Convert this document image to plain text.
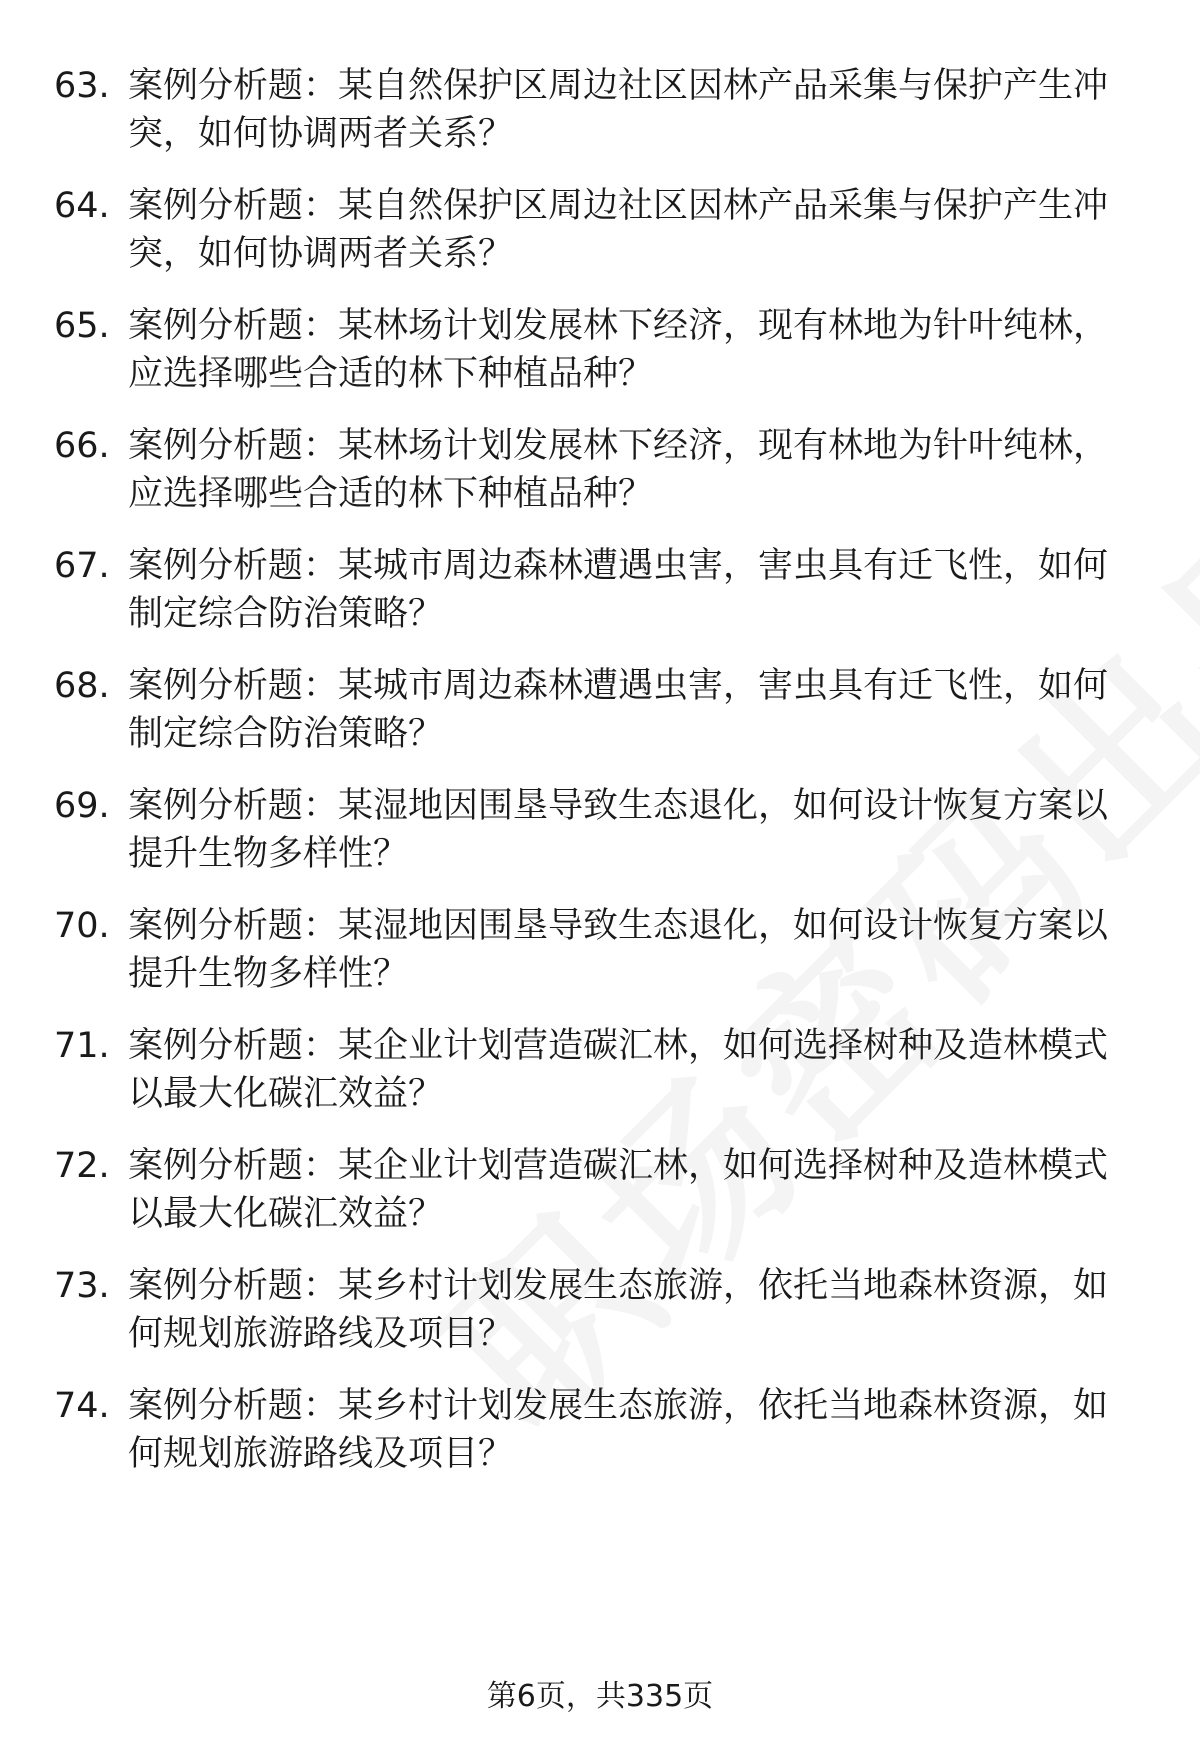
63. 案例分析题：某自然保护区周边社区因林产品采集与保护产生冲
突，如何协调两者关系？
64. 案例分析题：某自然保护区周边社区因林产品采集与保护产生冲
突，如何协调两者关系？
65. 案例分析题：某林场计划发展林下经济，现有林地为针叶纯林，
应选择哪些合适的林下种植品种？
66. 案例分析题：某林场计划发展林下经济，现有林地为针叶纯林，
应选择哪些合适的林下种植品种？
67. 案例分析题：某城市周边森林遭遇虫害，害虫具有迁飞性，如何
制定综合防治策略？
68. 案例分析题：某城市周边森林遭遇虫害，害虫具有迁飞性，如何
制定综合防治策略？
69. 案例分析题：某湿地因围垦导致生态退化，如何设计恢复方案以
提升生物多样性？
70. 案例分析题：某湿地因围垦导致生态退化，如何设计恢复方案以
提升生物多样性？
71. 案例分析题：某企业计划营造碳汇林，如何选择树种及造林模式
以最大化碳汇效益？
72. 案例分析题：某企业计划营造碳汇林，如何选择树种及造林模式
以最大化碳汇效益？
73. 案例分析题：某乡村计划发展生态旅游，依托当地森林资源，如
何规划旅游路线及项目？
74. 案例分析题：某乡村计划发展生态旅游，依托当地森林资源，如
何规划旅游路线及项目？
第6页，共335页
